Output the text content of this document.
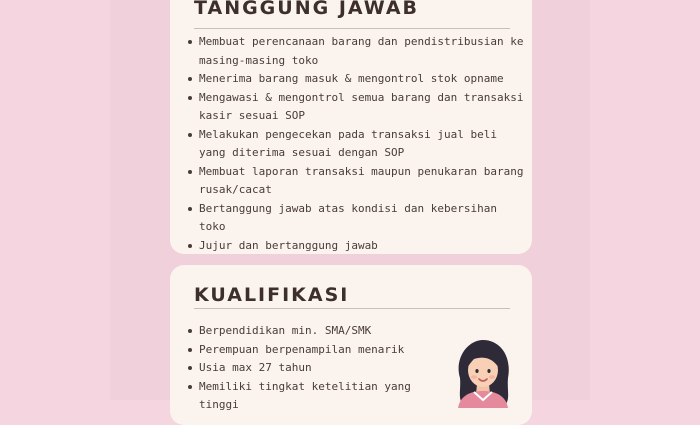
TANGGUNG JAWAB
Membuat perencanaan barang dan pendistribusian ke masing-masing toko
Menerima barang masuk & mengontrol stok opname
Mengawasi & mengontrol semua barang dan transaksi kasir sesuai SOP
Melakukan pengecekan pada transaksi jual beli yang diterima sesuai dengan SOP
Membuat laporan transaksi maupun penukaran barang rusak/cacat
Bertanggung jawab atas kondisi dan kebersihan toko
Jujur dan bertanggung jawab
KUALIFIKASI
Berpendidikan min. SMA/SMK
Perempuan berpenampilan menarik
Usia max 27 tahun
Memiliki tingkat ketelitian yang tinggi
